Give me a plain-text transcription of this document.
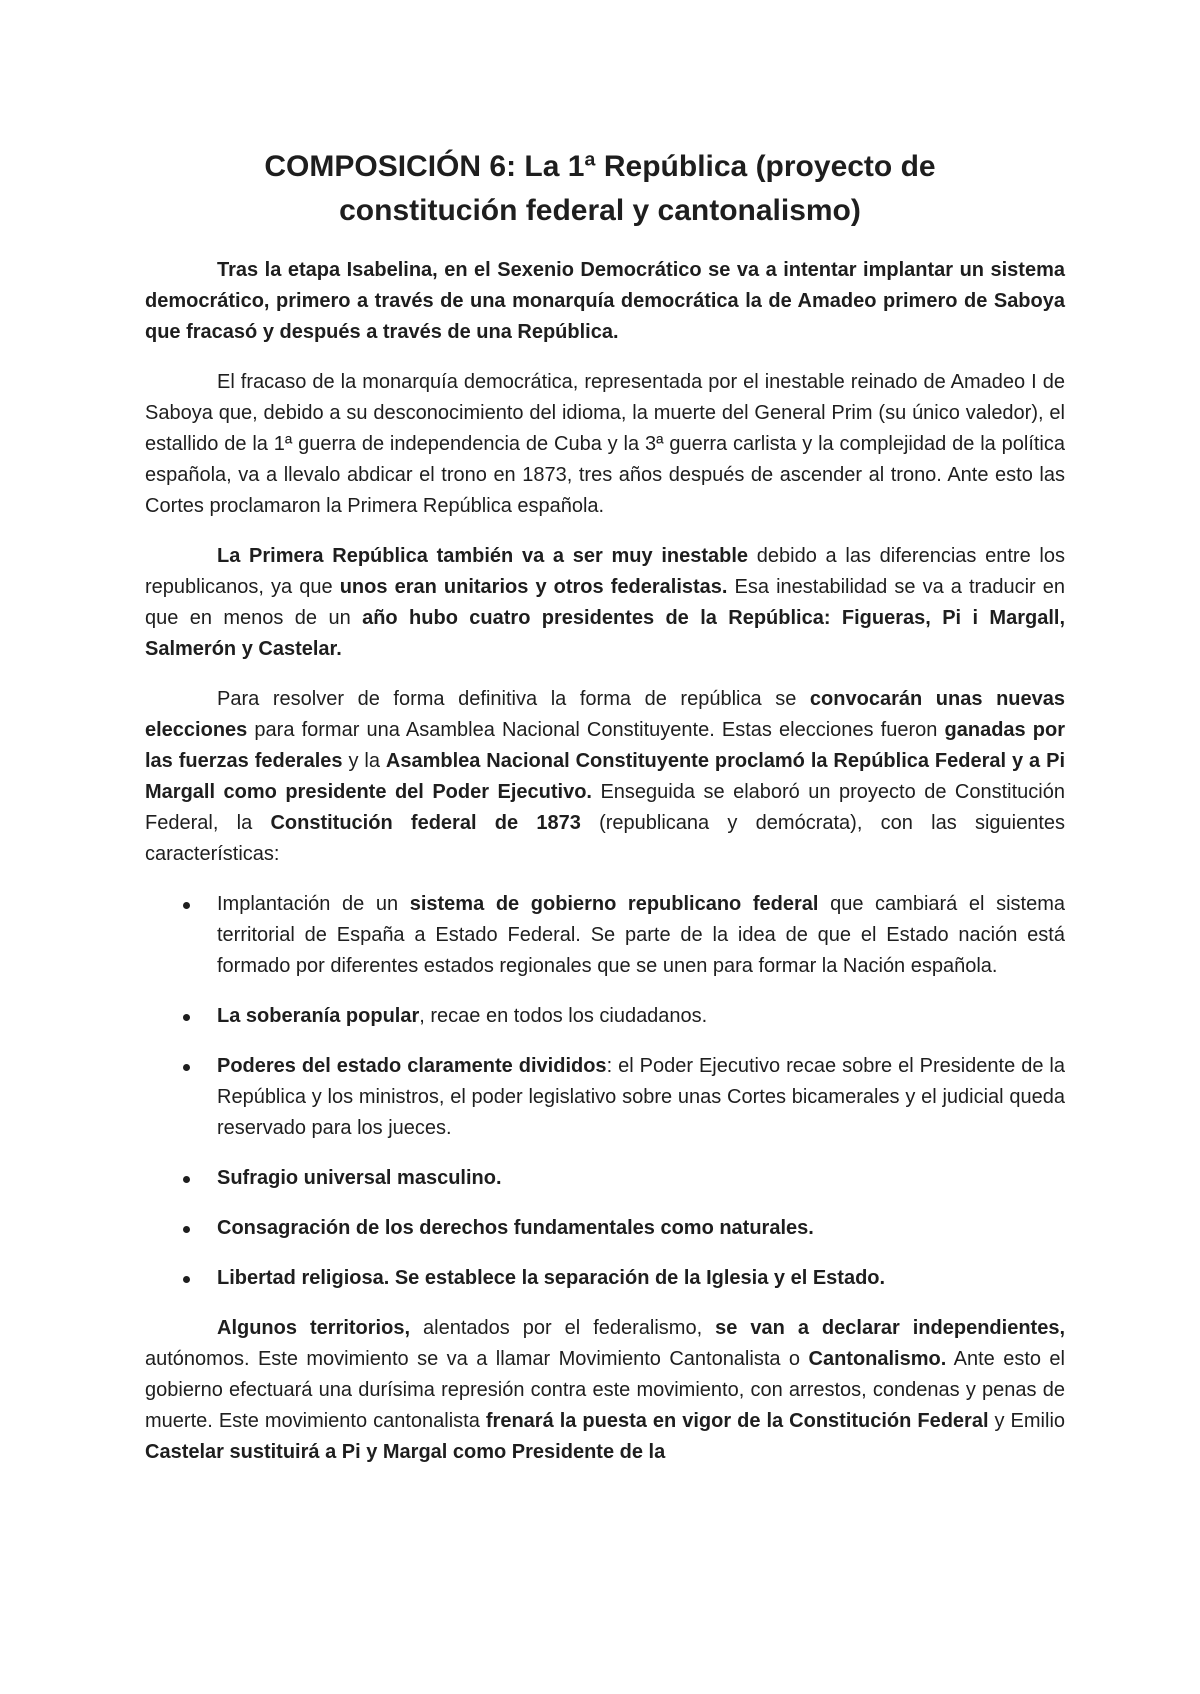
COMPOSICIÓN 6: La 1ª República (proyecto de
constitución federal y cantonalismo)

Tras la etapa Isabelina, en el Sexenio Democrático se va a intentar implantar un sistema democrático, primero a través de una monarquía democrática la de Amadeo primero de Saboya que fracasó y después a través de una República.

El fracaso de la monarquía democrática, representada por el inestable reinado de Amadeo I de Saboya que, debido a su desconocimiento del idioma, la muerte del General Prim (su único valedor), el estallido de la 1ª guerra de independencia de Cuba y la 3ª guerra carlista y la complejidad de la política española, va a llevalo abdicar el trono en 1873, tres años después de ascender al trono. Ante esto las Cortes proclamaron la Primera República española.

La Primera República también va a ser muy inestable debido a las diferencias entre los republicanos, ya que unos eran unitarios y otros federalistas. Esa inestabilidad se va a traducir en que en menos de un año hubo cuatro presidentes de la República: Figueras, Pi i Margall, Salmerón y Castelar.

Para resolver de forma definitiva la forma de república se convocarán unas nuevas elecciones para formar una Asamblea Nacional Constituyente. Estas elecciones fueron ganadas por las fuerzas federales y la Asamblea Nacional Constituyente proclamó la República Federal y a Pi Margall como presidente del Poder Ejecutivo. Enseguida se elaboró un proyecto de Constitución Federal, la Constitución federal de 1873 (republicana y demócrata), con las siguientes características:

Implantación de un sistema de gobierno republicano federal que cambiará el sistema territorial de España a Estado Federal. Se parte de la idea de que el Estado nación está formado por diferentes estados regionales que se unen para formar la Nación española.
La soberanía popular, recae en todos los ciudadanos.
Poderes del estado claramente divididos: el Poder Ejecutivo recae sobre el Presidente de la República y los ministros, el poder legislativo sobre unas Cortes bicamerales y el judicial queda reservado para los jueces.
Sufragio universal masculino.
Consagración de los derechos fundamentales como naturales.
Libertad religiosa. Se establece la separación de la Iglesia y el Estado.

Algunos territorios, alentados por el federalismo, se van a declarar independientes, autónomos. Este movimiento se va a llamar Movimiento Cantonalista o Cantonalismo. Ante esto el gobierno efectuará una durísima represión contra este movimiento, con arrestos, condenas y penas de muerte. Este movimiento cantonalista frenará la puesta en vigor de la Constitución Federal y Emilio Castelar sustituirá a Pi y Margal como Presidente de la
